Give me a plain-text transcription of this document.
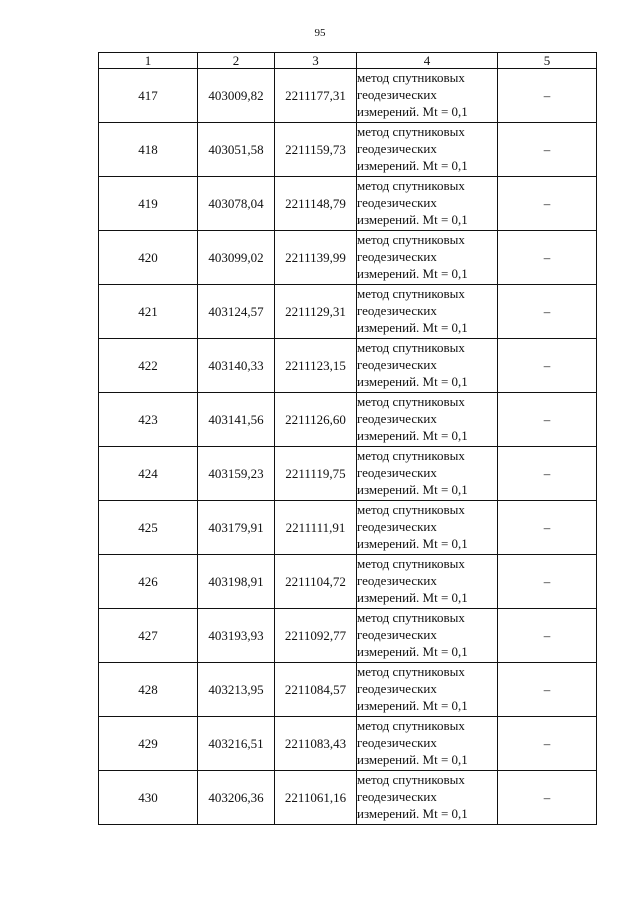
95
1	2	3	4	5
417	403009,82	2211177,31	метод спутниковых
геодезических
измерений. Mt = 0,1	–
418	403051,58	2211159,73	метод спутниковых
геодезических
измерений. Mt = 0,1	–
419	403078,04	2211148,79	метод спутниковых
геодезических
измерений. Mt = 0,1	–
420	403099,02	2211139,99	метод спутниковых
геодезических
измерений. Mt = 0,1	–
421	403124,57	2211129,31	метод спутниковых
геодезических
измерений. Mt = 0,1	–
422	403140,33	2211123,15	метод спутниковых
геодезических
измерений. Mt = 0,1	–
423	403141,56	2211126,60	метод спутниковых
геодезических
измерений. Mt = 0,1	–
424	403159,23	2211119,75	метод спутниковых
геодезических
измерений. Mt = 0,1	–
425	403179,91	2211111,91	метод спутниковых
геодезических
измерений. Mt = 0,1	–
426	403198,91	2211104,72	метод спутниковых
геодезических
измерений. Mt = 0,1	–
427	403193,93	2211092,77	метод спутниковых
геодезических
измерений. Mt = 0,1	–
428	403213,95	2211084,57	метод спутниковых
геодезических
измерений. Mt = 0,1	–
429	403216,51	2211083,43	метод спутниковых
геодезических
измерений. Mt = 0,1	–
430	403206,36	2211061,16	метод спутниковых
геодезических
измерений. Mt = 0,1	–
